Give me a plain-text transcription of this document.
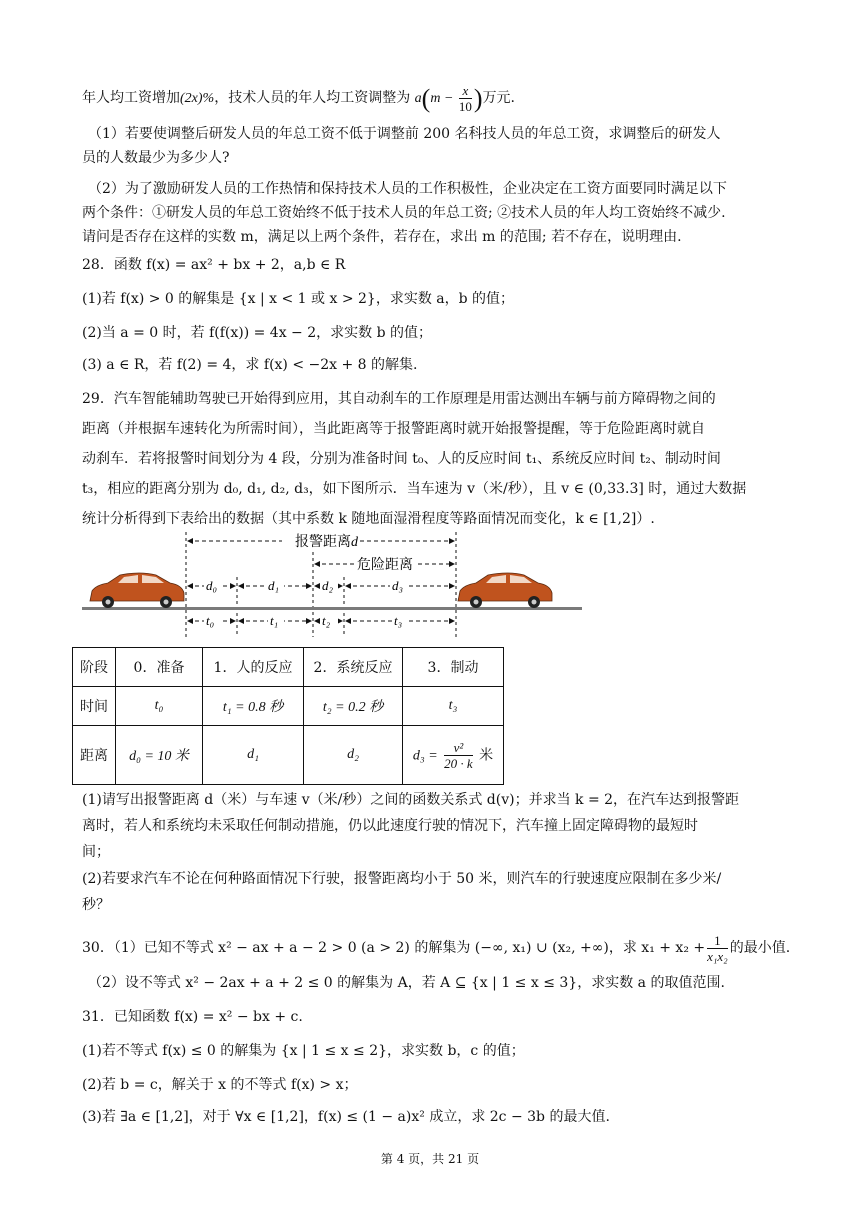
年人均工资增加(2x)%，技术人员的年人均工资调整为 $a(m - \frac{x}{10}$ )万元.
（1）若要使调整后研发人员的年总工资不低于调整前 200 名科技人员的年总工资，求调整后的研发人
员的人数最少为多少人?
（2）为了激励研发人员的工作热情和保持技术人员的工作积极性，企业决定在工资方面要同时满足以下
两个条件：①研发人员的年总工资始终不低于技术人员的年总工资; ②技术人员的年人均工资始终不减少.
请问是否存在这样的实数 m，满足以上两个条件，若存在，求出 m 的范围; 若不存在，说明理由.
28．函数 f(x) = ax² + bx + 2，a,b ∈ R
(1)若 f(x) > 0 的解集是 {x | x < 1 或 x > 2}，求实数 a，b 的值；
(2)当 a = 0 时，若 f(f(x)) = 4x − 2，求实数 b 的值；
(3) a ∈ R，若 f(2) = 4，求 f(x) < −2x + 8 的解集.
29．汽车智能辅助驾驶已开始得到应用，其自动刹车的工作原理是用雷达测出车辆与前方障碍物之间的
距离（并根据车速转化为所需时间），当此距离等于报警距离时就开始报警提醒，等于危险距离时就自
动刹车．若将报警时间划分为 4 段，分别为准备时间 t₀、人的反应时间 t₁、系统反应时间 t₂、制动时间
t₃，相应的距离分别为 d₀, d₁, d₂, d₃，如下图所示．当车速为 v（米/秒），且 v ∈ (0,33.3] 时，通过大数据
统计分析得到下表给出的数据（其中系数 k 随地面湿滑程度等路面情况而变化，k ∈ [1,2]）.
报警距离d
危险距离
d₀	d₁	d₂	d₃
t₀	t₁	t₂	t₃
阶段	0．准备	1．人的反应	2．系统反应	3．制动
时间	t₀	t₁ = 0.8 秒	t₂ = 0.2 秒	t₃
距离	d₀ = 10 米	d₁	d₂	$d_3 = \frac{\text{v²}}{20 \cdot k}$ 米
(1)请写出报警距离 d（米）与车速 v（米/秒）之间的函数关系式 d(v)；并求当 k = 2，在汽车达到报警距
离时，若人和系统均未采取任何制动措施，仍以此速度行驶的情况下，汽车撞上固定障碍物的最短时
间；
(2)若要求汽车不论在何种路面情况下行驶，报警距离均小于 50 米，则汽车的行驶速度应限制在多少米/
秒？
30．（1）已知不等式 x² − ax + a − 2 > 0 (a > 2) 的解集为 (−∞, x₁) ∪ (x₂, +∞)，求 $x_1 + x_2 + \frac{1}{\text{x₁x₂}}$ 的最小值.
（2）设不等式 x² − 2ax + a + 2 ≤ 0 的解集为 A，若 A ⊆ {x | 1 ≤ x ≤ 3}，求实数 a 的取值范围.
31．已知函数 f(x) = x² − bx + c.
(1)若不等式 f(x) ≤ 0 的解集为 {x | 1 ≤ x ≤ 2}，求实数 b，c 的值；
(2)若 b = c，解关于 x 的不等式 f(x) > x；
(3)若 ∃a ∈ [1,2]，对于 ∀x ∈ [1,2]，f(x) ≤ (1 − a)x² 成立，求 2c − 3b 的最大值.
第 4 页，共 21 页
